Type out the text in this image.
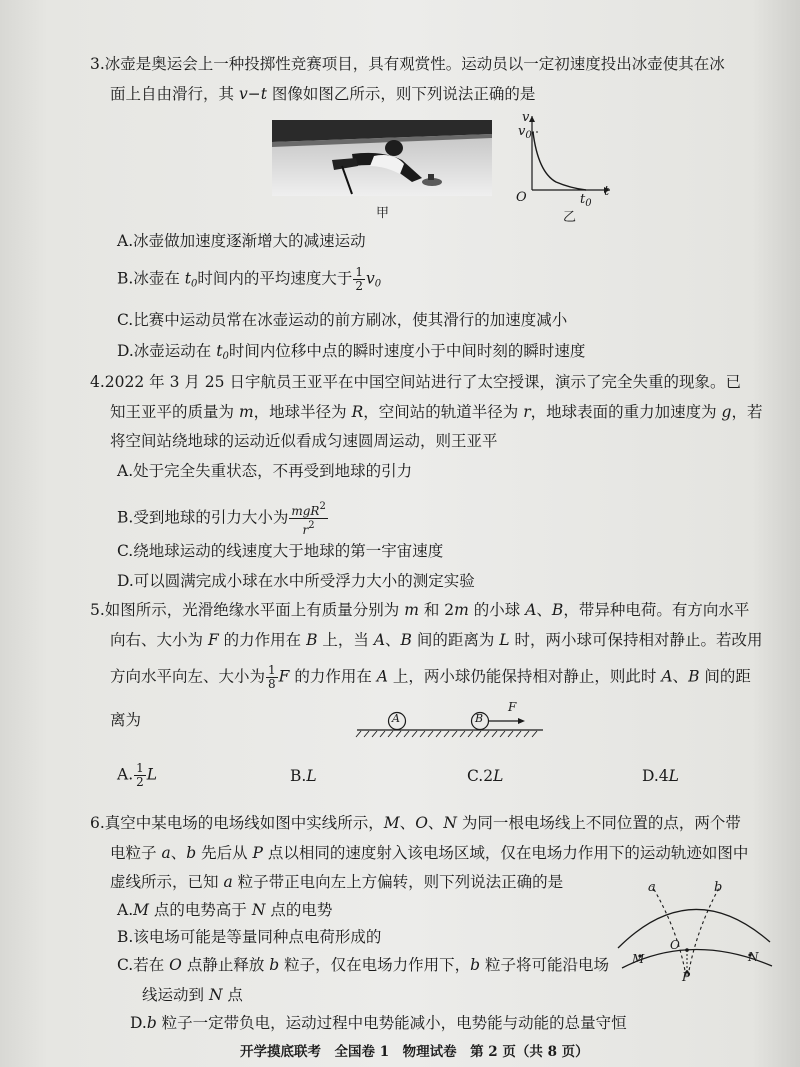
3.冰壶是奥运会上一种投掷性竞赛项目，具有观赏性。运动员以一定初速度投出冰壶使其在冰
面上自由滑行，其 v−t 图像如图乙所示，则下列说法正确的是
甲
v
$v_0$
O	$t_0$
t
乙
A.冰壶做加速度逐渐增大的减速运动
B.冰壶在 $t_0$时间内的平均速度大于 $\frac{1}{2} v_0$
C.比赛中运动员常在冰壶运动的前方刷冰，使其滑行的加速度减小
D.冰壶运动在 $t_0$时间内位移中点的瞬时速度小于中间时刻的瞬时速度
4.2022 年 3 月 25 日宇航员王亚平在中国空间站进行了太空授课，演示了完全失重的现象。已
知王亚平的质量为 m，地球半径为 R，空间站的轨道半径为 r，地球表面的重力加速度为 g，若
将空间站绕地球的运动近似看成匀速圆周运动，则王亚平
A.处于完全失重状态，不再受到地球的引力
B.受到地球的引力大小为 $\frac{mgR^2}{r^2}$
C.绕地球运动的线速度大于地球的第一宇宙速度
D.可以圆满完成小球在水中所受浮力大小的测定实验
5.如图所示，光滑绝缘水平面上有质量分别为 m 和 2m 的小球 A、B，带异种电荷。有方向水平
向右、大小为 F 的力作用在 B 上，当 A、B 间的距离为 L 时，两小球可保持相对静止。若改用
方向水平向左、大小为 $\frac{1}{8}$ F 的力作用在 A 上，两小球仍能保持相对静止，则此时 A、B 间的距
离为	A	B
F
A. $\frac{1}{2}$ L	B.L	C.2L	D.4L
6.真空中某电场的电场线如图中实线所示，M、O、N 为同一根电场线上不同位置的点，两个带
电粒子 a、b 先后从 P 点以相同的速度射入该电场区域，仅在电场力作用下的运动轨迹如图中
虚线所示，已知 a 粒子带正电向左上方偏转，则下列说法正确的是
A.M 点的电势高于 N 点的电势
B.该电场可能是等量同种点电荷形成的
C.若在 O 点静止释放 b 粒子，仅在电场力作用下，b 粒子将可能沿电场
线运动到 N 点
D.b 粒子一定带负电，运动过程中电势能减小，电势能与动能的总量守恒
a	b
O
M	N
P
开学摸底联考　全国卷 1　物理试卷　第 2 页（共 8 页）
